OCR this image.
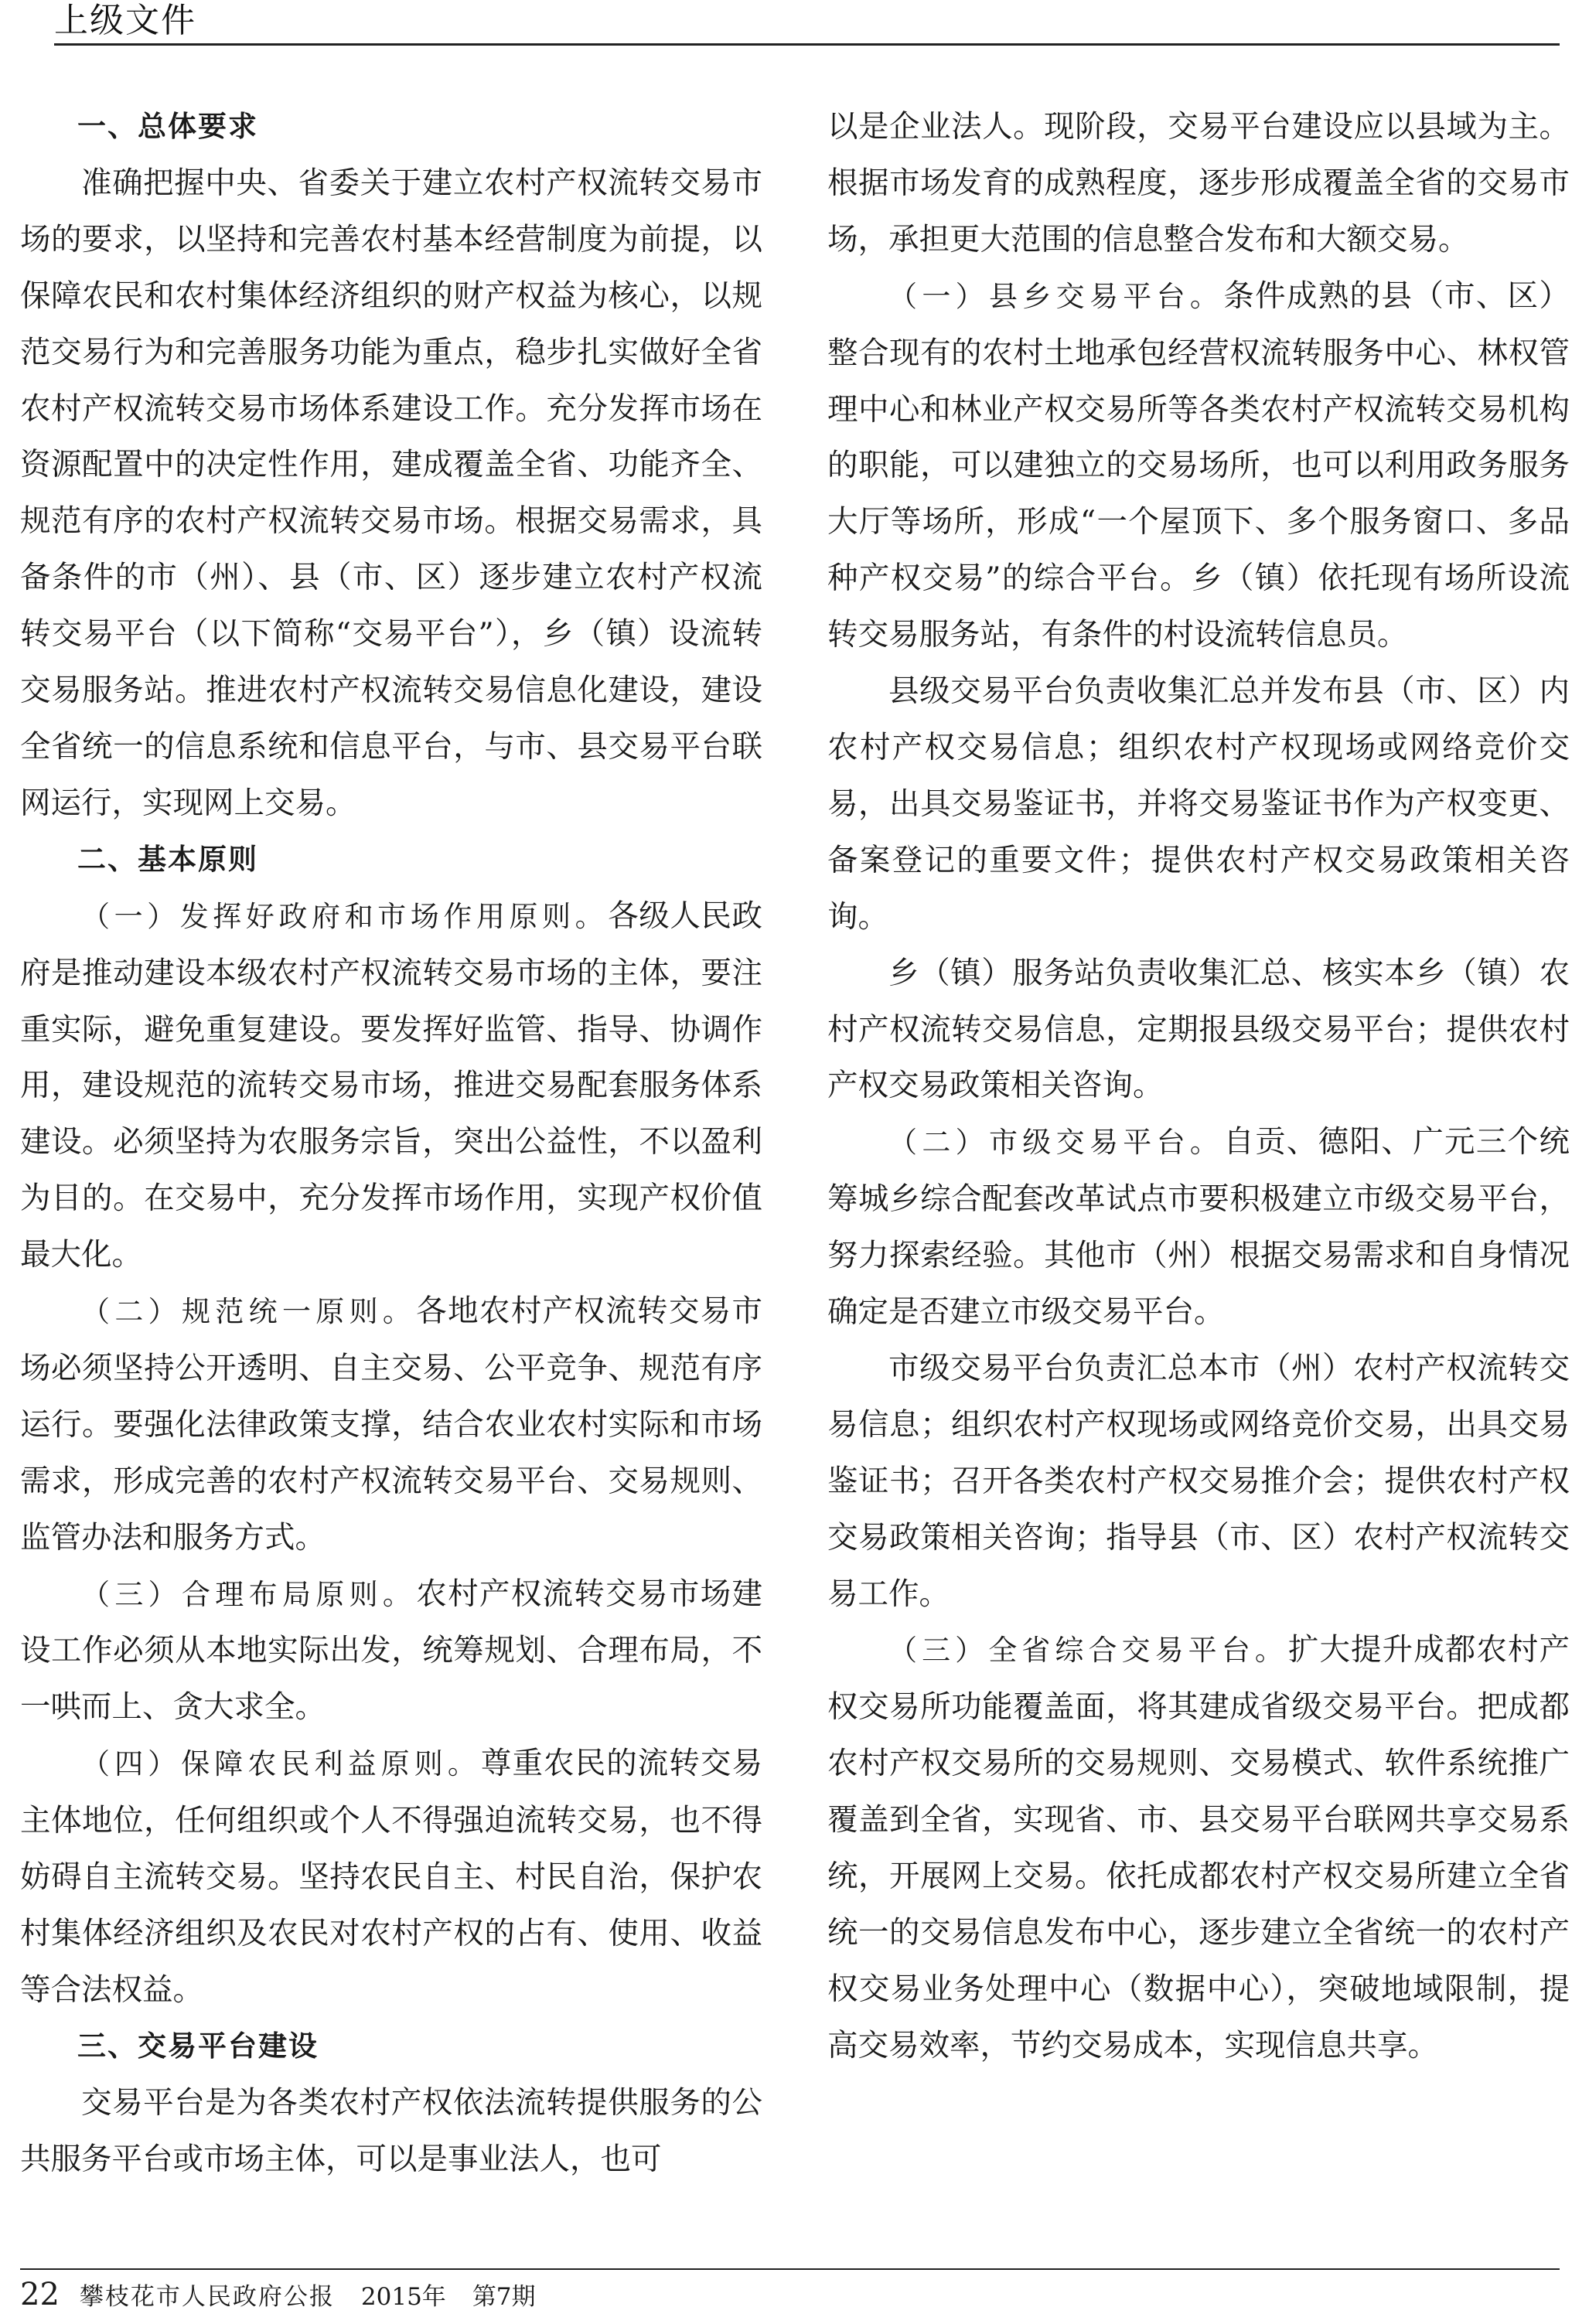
上级文件

一、总体要求

准确把握中央、省委关于建立农村产权流转交易市场的要求，以坚持和完善农村基本经营制度为前提，以保障农民和农村集体经济组织的财产权益为核心，以规范交易行为和完善服务功能为重点，稳步扎实做好全省农村产权流转交易市场体系建设工作。充分发挥市场在资源配置中的决定性作用，建成覆盖全省、功能齐全、规范有序的农村产权流转交易市场。根据交易需求，具备条件的市（州）、县（市、区）逐步建立农村产权流转交易平台（以下简称“交易平台”），乡（镇）设流转交易服务站。推进农村产权流转交易信息化建设，建设全省统一的信息系统和信息平台，与市、县交易平台联网运行，实现网上交易。

二、基本原则

（一）发挥好政府和市场作用原则。各级人民政府是推动建设本级农村产权流转交易市场的主体，要注重实际，避免重复建设。要发挥好监管、指导、协调作用，建设规范的流转交易市场，推进交易配套服务体系建设。必须坚持为农服务宗旨，突出公益性，不以盈利为目的。在交易中，充分发挥市场作用，实现产权价值最大化。

（二）规范统一原则。各地农村产权流转交易市场必须坚持公开透明、自主交易、公平竞争、规范有序运行。要强化法律政策支撑，结合农业农村实际和市场需求，形成完善的农村产权流转交易平台、交易规则、监管办法和服务方式。

（三）合理布局原则。农村产权流转交易市场建设工作必须从本地实际出发，统筹规划、合理布局，不一哄而上、贪大求全。

（四）保障农民利益原则。尊重农民的流转交易主体地位，任何组织或个人不得强迫流转交易，也不得妨碍自主流转交易。坚持农民自主、村民自治，保护农村集体经济组织及农民对农村产权的占有、使用、收益等合法权益。

三、交易平台建设

交易平台是为各类农村产权依法流转提供服务的公共服务平台或市场主体，可以是事业法人，也可

以是企业法人。现阶段，交易平台建设应以县域为主。根据市场发育的成熟程度，逐步形成覆盖全省的交易市场，承担更大范围的信息整合发布和大额交易。

（一）县乡交易平台。条件成熟的县（市、区）整合现有的农村土地承包经营权流转服务中心、林权管理中心和林业产权交易所等各类农村产权流转交易机构的职能，可以建独立的交易场所，也可以利用政务服务大厅等场所，形成“一个屋顶下、多个服务窗口、多品种产权交易”的综合平台。乡（镇）依托现有场所设流转交易服务站，有条件的村设流转信息员。

县级交易平台负责收集汇总并发布县（市、区）内农村产权交易信息；组织农村产权现场或网络竞价交易，出具交易鉴证书，并将交易鉴证书作为产权变更、备案登记的重要文件；提供农村产权交易政策相关咨询。

乡（镇）服务站负责收集汇总、核实本乡（镇）农村产权流转交易信息，定期报县级交易平台；提供农村产权交易政策相关咨询。

（二）市级交易平台。自贡、德阳、广元三个统筹城乡综合配套改革试点市要积极建立市级交易平台，努力探索经验。其他市（州）根据交易需求和自身情况确定是否建立市级交易平台。

市级交易平台负责汇总本市（州）农村产权流转交易信息；组织农村产权现场或网络竞价交易，出具交易鉴证书；召开各类农村产权交易推介会；提供农村产权交易政策相关咨询；指导县（市、区）农村产权流转交易工作。

（三）全省综合交易平台。扩大提升成都农村产权交易所功能覆盖面，将其建成省级交易平台。把成都农村产权交易所的交易规则、交易模式、软件系统推广覆盖到全省，实现省、市、县交易平台联网共享交易系统，开展网上交易。依托成都农村产权交易所建立全省统一的交易信息发布中心，逐步建立全省统一的农村产权交易业务处理中心（数据中心），突破地域限制，提高交易效率，节约交易成本，实现信息共享。

22 攀枝花市人民政府公报 2015年 第7期
